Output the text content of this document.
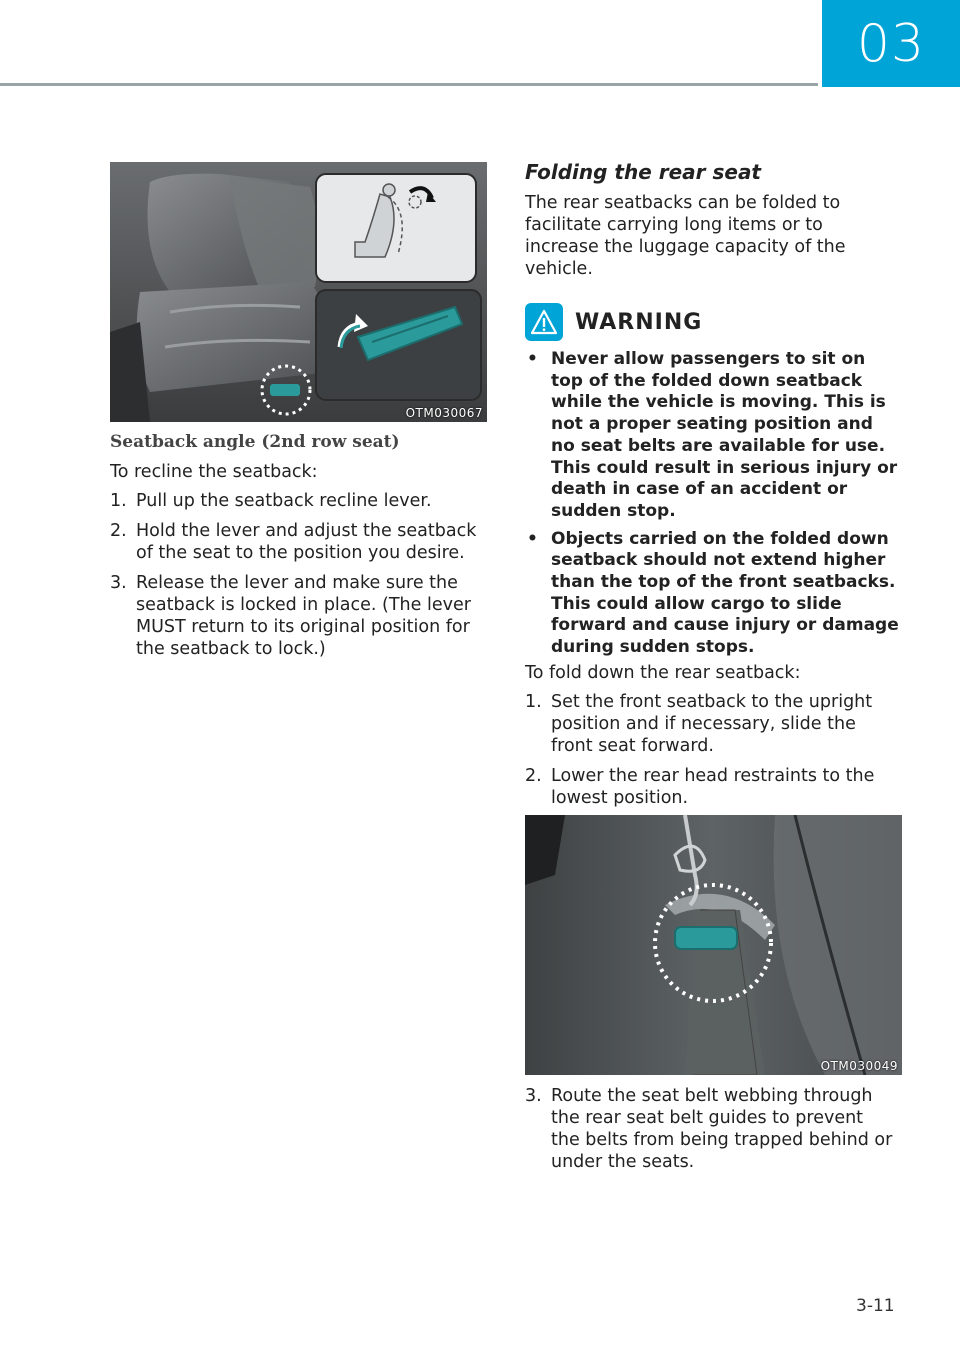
03
OTM030067
Seatback angle (2nd row seat)
To recline the seatback:
1. Pull up the seatback recline lever.
2. Hold the lever and adjust the seatback of the seat to the position you desire.
3. Release the lever and make sure the seatback is locked in place. (The lever MUST return to its original position for the seatback to lock.)
Folding the rear seat
The rear seatbacks can be folded to facilitate carrying long items or to increase the luggage capacity of the vehicle.
WARNING
• Never allow passengers to sit on top of the folded down seatback while the vehicle is moving. This is not a proper seating position and no seat belts are available for use. This could result in serious injury or death in case of an accident or sudden stop.
• Objects carried on the folded down seatback should not extend higher than the top of the front seatbacks. This could allow cargo to slide forward and cause injury or damage during sudden stops.
To fold down the rear seatback:
1. Set the front seatback to the upright position and if necessary, slide the front seat forward.
2. Lower the rear head restraints to the lowest position.
OTM030049
3. Route the seat belt webbing through the rear seat belt guides to prevent the belts from being trapped behind or under the seats.
3-11
